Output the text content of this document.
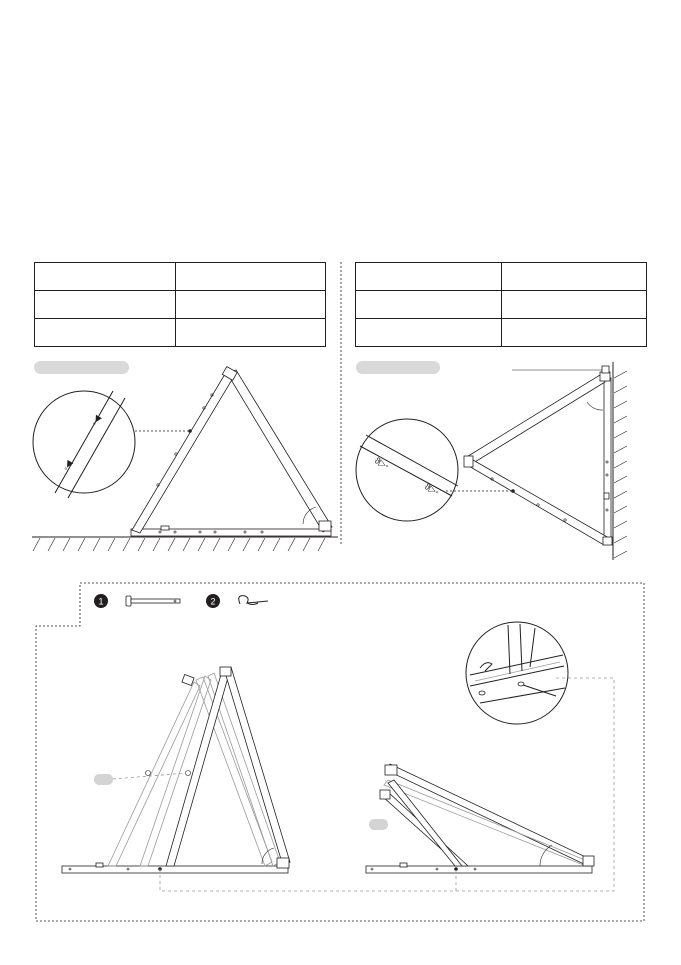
◦◀
◦◀	ϑ▷◦
ϑ▷◦
1	2
